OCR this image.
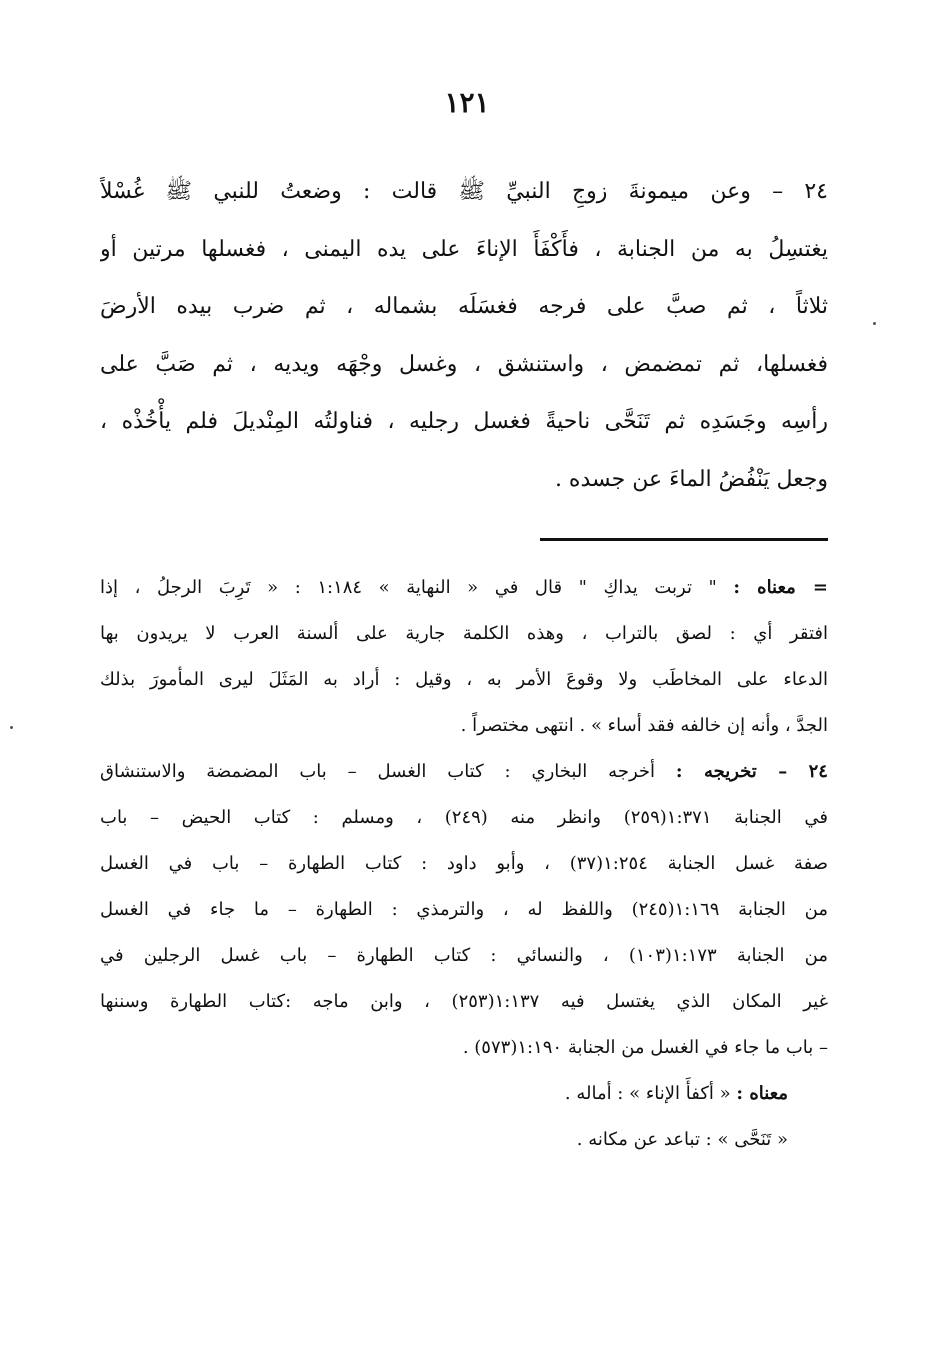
١٢١
٢٤ – وعن ميمونةَ زوجِ النبيِّ ﷺ قالت : وضعتُ للنبي ﷺ غُسْلاً
يغتسِلُ به من الجنابة ، فأَكْفَأَ الإناءَ على يده اليمنى ، فغسلها مرتين أو
ثلاثاً ، ثم صبَّ على فرجه فغسَلَه بشماله ، ثم ضرب بيده الأرضَ
فغسلها، ثم تمضمض ، واستنشق ، وغسل وجْهَه ويديه ، ثم صَبَّ على
رأسِه وجَسَدِه ثم تَنَحَّى ناحيةً فغسل رجليه ، فناولتُه المِنْديلَ فلم يأْخُذْه ،
وجعل يَنْفُضُ الماءَ عن جسده .
= معناه : " تربت يداكِ " قال في « النهاية » ١:١٨٤ : « تَرِبَ الرجلُ ، إذا
افتقر أي : لصق بالتراب ، وهذه الكلمة جارية على ألسنة العرب لا يريدون بها
الدعاء على المخاطَب ولا وقوعَ الأمر به ، وقيل : أراد به المَثَلَ ليرى المأمورَ بذلك
الجدَّ ، وأنه إن خالفه فقد أساء » . انتهى مختصراً .
٢٤ – تخريجه : أخرجه البخاري : كتاب الغسل – باب المضمضة والاستنشاق
في الجنابة ١:٣٧١(٢٥٩) وانظر منه (٢٤٩) ، ومسلم : كتاب الحيض – باب
صفة غسل الجنابة ١:٢٥٤(٣٧) ، وأبو داود : كتاب الطهارة – باب في الغسل
من الجنابة ١:١٦٩(٢٤٥) واللفظ له ، والترمذي : الطهارة – ما جاء في الغسل
من الجنابة ١:١٧٣(١٠٣) ، والنسائي : كتاب الطهارة – باب غسل الرجلين في
غير المكان الذي يغتسل فيه ١:١٣٧(٢٥٣) ، وابن ماجه :كتاب الطهارة وسننها
– باب ما جاء في الغسل من الجنابة ١:١٩٠(٥٧٣) .
معناه : « أكفأَ الإناء » : أماله .
« تَنَحَّى » : تباعد عن مكانه .
